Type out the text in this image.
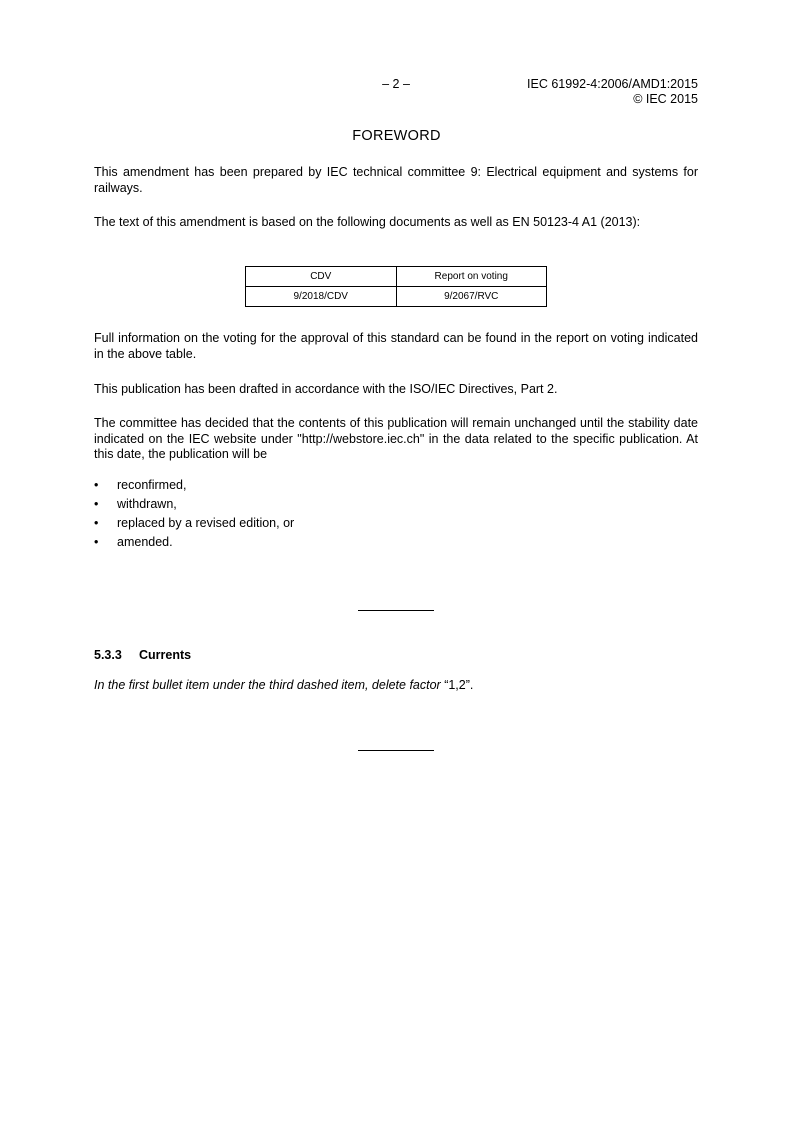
– 2 –	IEC 61992-4:2006/AMD1:2015
© IEC 2015
FOREWORD
This amendment has been prepared by IEC technical committee 9: Electrical equipment and systems for railways.
The text of this amendment is based on the following documents as well as EN 50123-4 A1 (2013):
CDV	Report on voting
9/2018/CDV	9/2067/RVC
Full information on the voting for the approval of this standard can be found in the report on voting indicated in the above table.
This publication has been drafted in accordance with the ISO/IEC Directives, Part 2.
The committee has decided that the contents of this publication will remain unchanged until the stability date indicated on the IEC website under "http://webstore.iec.ch" in the data related to the specific publication. At this date, the publication will be
• reconfirmed,
• withdrawn,
• replaced by a revised edition, or
• amended.
5.3.3 Currents
In the first bullet item under the third dashed item, delete factor “1,2”.
